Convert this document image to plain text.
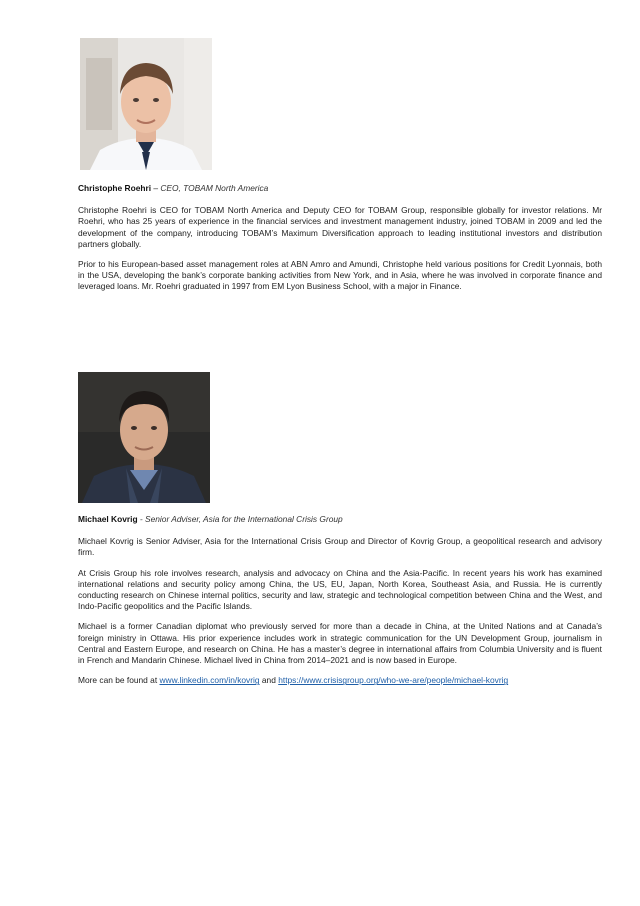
Christophe Roehri – CEO, TOBAM North America

Christophe Roehri is CEO for TOBAM North America and Deputy CEO for TOBAM Group, responsible globally for investor relations. Mr Roehri, who has 25 years of experience in the financial services and investment management industry, joined TOBAM in 2009 and led the development of the company, introducing TOBAM’s Maximum Diversification approach to leading institutional investors and distribution partners globally.

Prior to his European-based asset management roles at ABN Amro and Amundi, Christophe held various positions for Credit Lyonnais, both in the USA, developing the bank’s corporate banking activities from New York, and in Asia, where he was involved in corporate finance and leveraged loans. Mr. Roehri graduated in 1997 from EM Lyon Business School, with a major in Finance.

Michael Kovrig - Senior Adviser, Asia for the International Crisis Group

Michael Kovrig is Senior Adviser, Asia for the International Crisis Group and Director of Kovrig Group, a geopolitical research and advisory firm.

At Crisis Group his role involves research, analysis and advocacy on China and the Asia-Pacific. In recent years his work has examined international relations and security policy among China, the US, EU, Japan, North Korea, Southeast Asia, and Russia. He is currently conducting research on Chinese internal politics, security and law, strategic and technological competition between China and the West, and Indo-Pacific geopolitics and the Pacific Islands.

Michael is a former Canadian diplomat who previously served for more than a decade in China, at the United Nations and at Canada’s foreign ministry in Ottawa. His prior experience includes work in strategic communication for the UN Development Group, journalism in Central and Eastern Europe, and research on China. He has a master’s degree in international affairs from Columbia University and is fluent in French and Mandarin Chinese. Michael lived in China from 2014–2021 and is now based in Europe.

More can be found at www.linkedin.com/in/kovrig and https://www.crisisgroup.org/who-we-are/people/michael-kovrig
